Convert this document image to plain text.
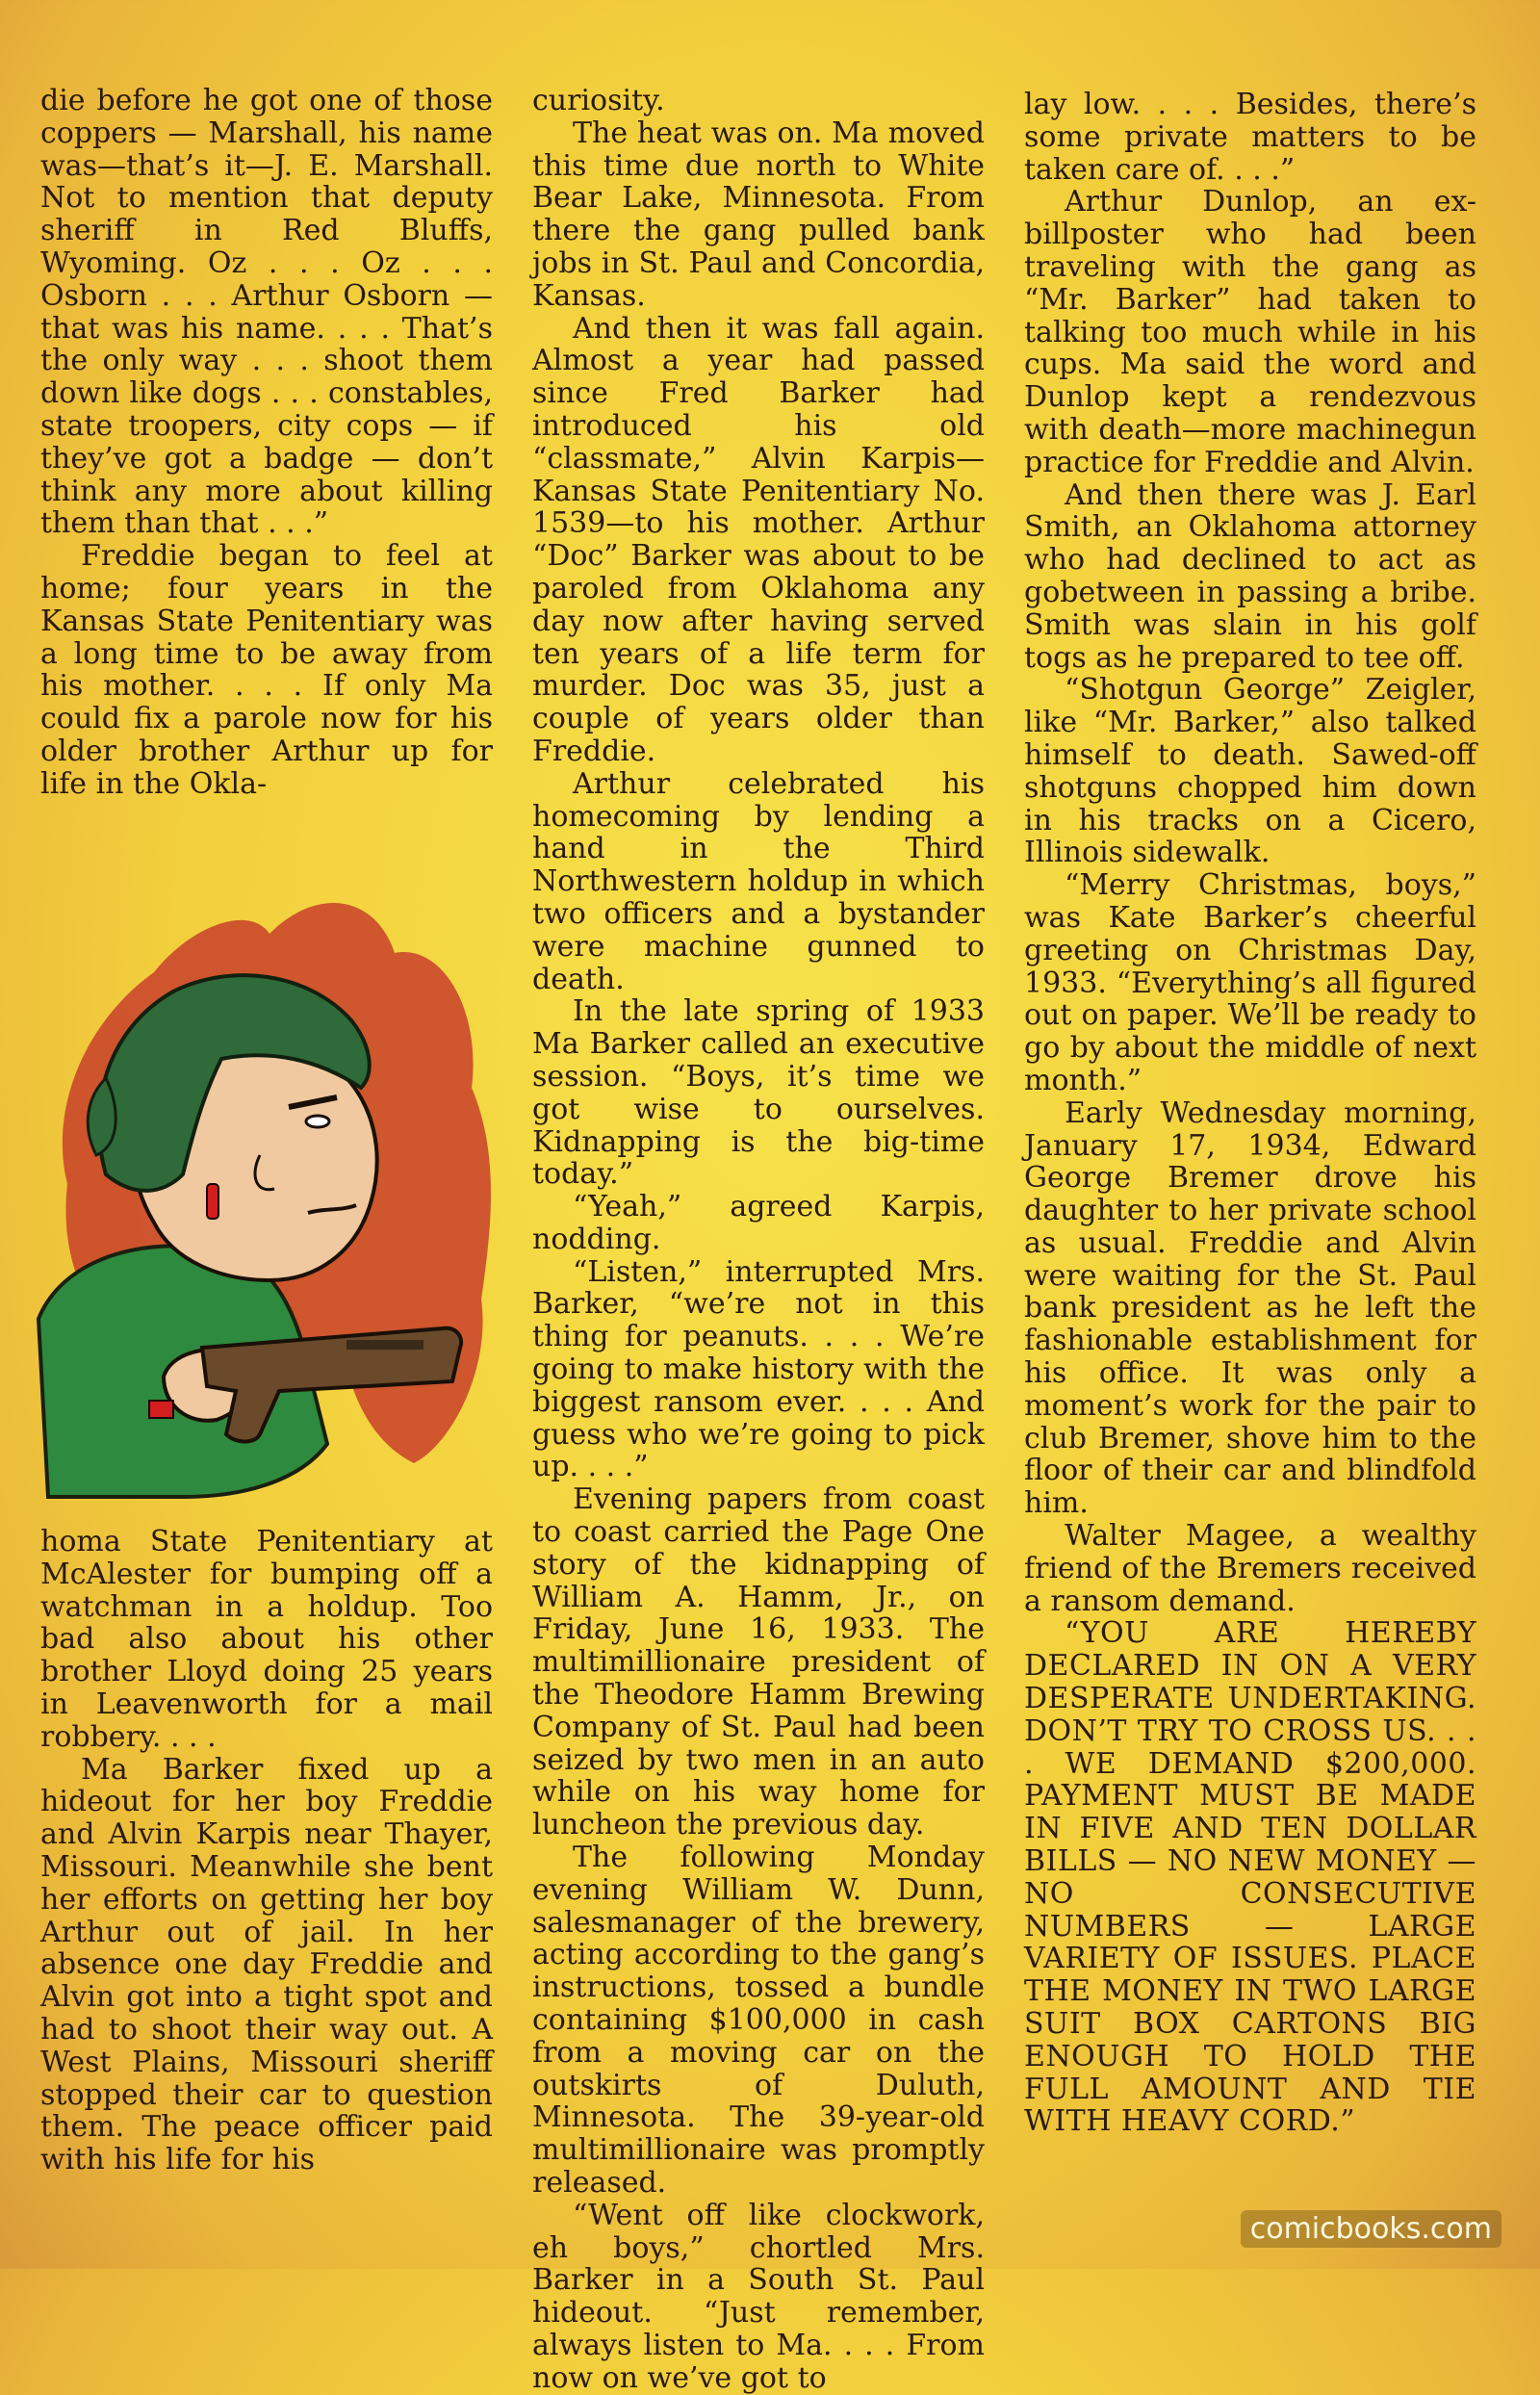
die before he got one of those coppers — Marshall, his name was—that’s it—J. E. Marshall. Not to mention that deputy sheriff in Red Bluffs, Wyoming. Oz . . . Oz . . . Osborn . . . Arthur Osborn — that was his name. . . . That’s the only way . . . shoot them down like dogs . . . constables, state troopers, city cops — if they’ve got a badge — don’t think any more about killing them than that . . .”

Freddie began to feel at home; four years in the Kansas State Penitentiary was a long time to be away from his mother. . . . If only Ma could fix a parole now for his older brother Arthur up for life in the Okla-

homa State Penitentiary at McAlester for bumping off a watchman in a holdup. Too bad also about his other brother Lloyd doing 25 years in Leavenworth for a mail robbery. . . .

Ma Barker fixed up a hideout for her boy Freddie and Alvin Karpis near Thayer, Missouri. Meanwhile she bent her efforts on getting her boy Arthur out of jail. In her absence one day Freddie and Alvin got into a tight spot and had to shoot their way out. A West Plains, Missouri sheriff stopped their car to question them. The peace officer paid with his life for his

curiosity.

The heat was on. Ma moved this time due north to White Bear Lake, Minnesota. From there the gang pulled bank jobs in St. Paul and Concordia, Kansas.

And then it was fall again. Almost a year had passed since Fred Barker had introduced his old “classmate,” Alvin Karpis—Kansas State Penitentiary No. 1539—to his mother. Arthur “Doc” Barker was about to be paroled from Oklahoma any day now after having served ten years of a life term for murder. Doc was 35, just a couple of years older than Freddie.

Arthur celebrated his homecoming by lending a hand in the Third Northwestern holdup in which two officers and a bystander were machine gunned to death.

In the late spring of 1933 Ma Barker called an executive session. “Boys, it’s time we got wise to ourselves. Kidnapping is the big-time today.”

“Yeah,” agreed Karpis, nodding.

“Listen,” interrupted Mrs. Barker, “we’re not in this thing for peanuts. . . . We’re going to make history with the biggest ransom ever. . . . And guess who we’re going to pick up. . . .”

Evening papers from coast to coast carried the Page One story of the kidnapping of William A. Hamm, Jr., on Friday, June 16, 1933. The multimillionaire president of the Theodore Hamm Brewing Company of St. Paul had been seized by two men in an auto while on his way home for luncheon the previous day.

The following Monday evening William W. Dunn, salesmanager of the brewery, acting according to the gang’s instructions, tossed a bundle containing $100,000 in cash from a moving car on the outskirts of Duluth, Minnesota. The 39-year-old multimillionaire was promptly released.

“Went off like clockwork, eh boys,” chortled Mrs. Barker in a South St. Paul hideout. “Just remember, always listen to Ma. . . . From now on we’ve got to

lay low. . . . Besides, there’s some private matters to be taken care of. . . .”

Arthur Dunlop, an ex-billposter who had been traveling with the gang as “Mr. Barker” had taken to talking too much while in his cups. Ma said the word and Dunlop kept a rendezvous with death—more machinegun practice for Freddie and Alvin.

And then there was J. Earl Smith, an Oklahoma attorney who had declined to act as gobetween in passing a bribe. Smith was slain in his golf togs as he prepared to tee off.

“Shotgun George” Zeigler, like “Mr. Barker,” also talked himself to death. Sawed-off shotguns chopped him down in his tracks on a Cicero, Illinois sidewalk.

“Merry Christmas, boys,” was Kate Barker’s cheerful greeting on Christmas Day, 1933. “Everything’s all figured out on paper. We’ll be ready to go by about the middle of next month.”

Early Wednesday morning, January 17, 1934, Edward George Bremer drove his daughter to her private school as usual. Freddie and Alvin were waiting for the St. Paul bank president as he left the fashionable establishment for his office. It was only a moment’s work for the pair to club Bremer, shove him to the floor of their car and blindfold him.

Walter Magee, a wealthy friend of the Bremers received a ransom demand.

“YOU ARE HEREBY DECLARED IN ON A VERY DESPERATE UNDERTAKING. DON’T TRY TO CROSS US. . . . WE DEMAND $200,000. PAYMENT MUST BE MADE IN FIVE AND TEN DOLLAR BILLS — NO NEW MONEY — NO CONSECUTIVE NUMBERS — LARGE VARIETY OF ISSUES. PLACE THE MONEY IN TWO LARGE SUIT BOX CARTONS BIG ENOUGH TO HOLD THE FULL AMOUNT AND TIE WITH HEAVY CORD.”

comicbooks.com
